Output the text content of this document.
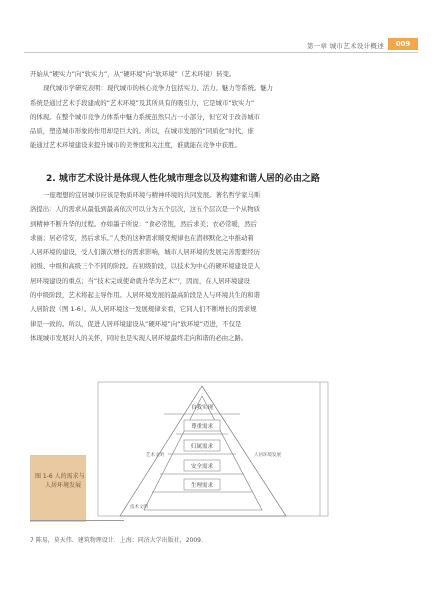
第一章 城市艺术设计概述	009
开始从“硬实力”向“软实力”，从“硬环境”向“软环境”（艺术环境）转变。
现代城市学研究表明：现代城市的核心竞争力包括实力、活力、魅力等系统。魅力
系统是通过艺术手段建成的“艺术环境”及其所具有的吸引力，它是城市“软实力”
的体现。在整个城市竞争力体系中魅力系统虽然只占一小部分，但它对于改善城市
品质，塑造城市形象的作用却是巨大的。所以，在城市发展的“同质化”时代，谁
能通过艺术环境建设来提升城市的美誉度和关注度，谁就能在竞争中获胜。
2. 城市艺术设计是体现人性化城市理念以及构建和谐人居的必由之路
一座理想的宜居城市应该是物质环境与精神环境的共同发展。著名哲学家马斯
洛提出：人的需求从最低到最高依次可以分为五个层次，这五个层次是一个从物质
到精神不断升华的过程。亦如墨子所说：“食必常饱，然后求美；衣必常暖，然后
求丽；居必常安，然后求乐。”人类的这种需求顺变规律也在潜移默化之中推动着
人居环境的建设，受人们渐次增长的需求影响，城市人居环境的发展完善需要经历
初级、中级和高级三个不同的阶段。在初级阶段，以技术为中心的硬环境建设是人
居环境建设的重点；当“技术完成使命就升华为艺术”⁷，因而，在人居环境建设
的中级阶段，艺术将起主导作用。人居环境发展的最高阶段是人与环境共生的和谐
人居阶段（图 1-6）。从人居环境这一发展规律来看，它同人们不断增长的需求规
律是一致的。所以，促进人居环境建设从“硬环境”向“软环境”迈进，不仅是
体现城市发展对人的关怀，同时也是实现人居环境最终走向和谐的必由之路。

图 1-6 人的需求与
人居环境发展

自我实现
尊重需求
归属需求
安全需求
生理需求
技术文明
艺术文明	人居环境发展

7 陈易，莫天伟．建筑物理设计．上海：同济大学出版社，2009.
